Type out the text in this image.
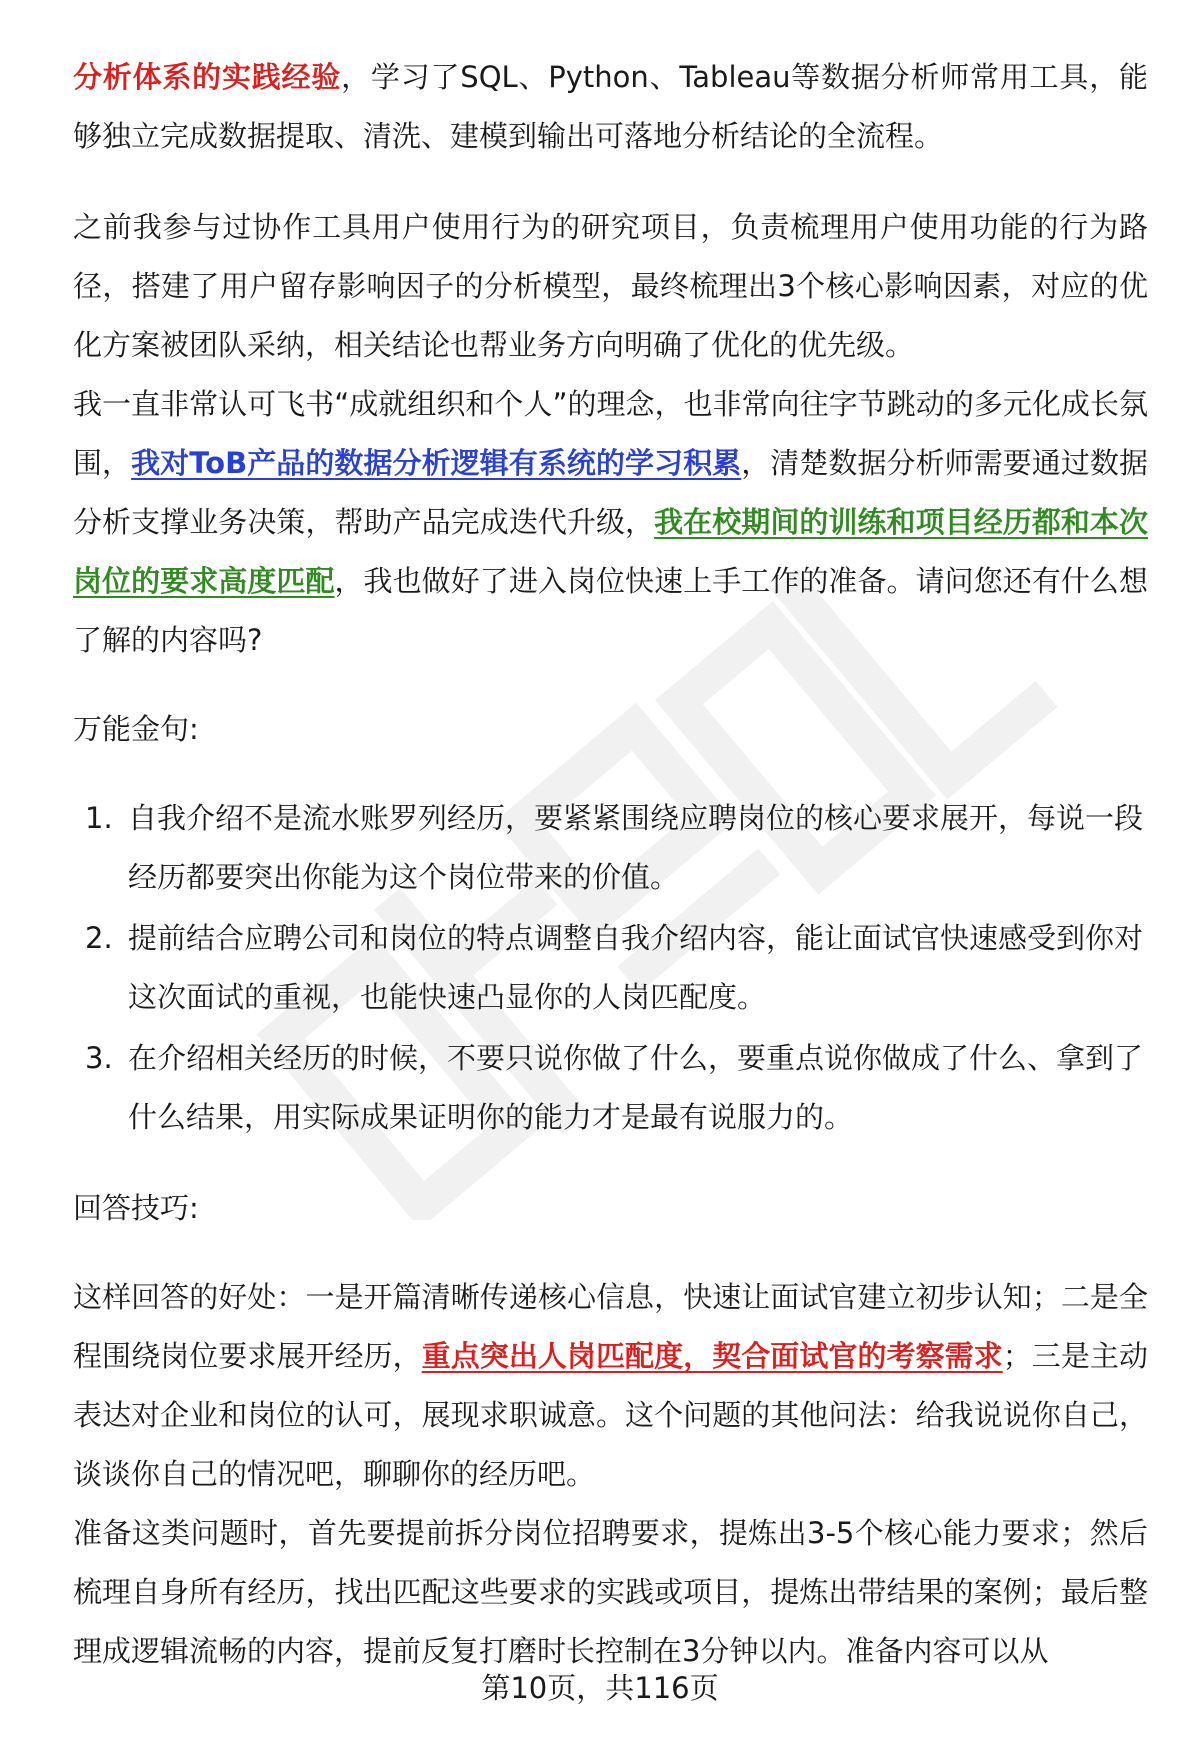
分析体系的实践经验，学习了SQL、Python、Tableau等数据分析师常用工具，能够独立完成数据提取、清洗、建模到输出可落地分析结论的全流程。

之前我参与过协作工具用户使用行为的研究项目，负责梳理用户使用功能的行为路径，搭建了用户留存影响因子的分析模型，最终梳理出3个核心影响因素，对应的优化方案被团队采纳，相关结论也帮业务方向明确了优化的优先级。

我一直非常认可飞书“成就组织和个人”的理念，也非常向往字节跳动的多元化成长氛围，我对ToB产品的数据分析逻辑有系统的学习积累，清楚数据分析师需要通过数据分析支撑业务决策，帮助产品完成迭代升级，我在校期间的训练和项目经历都和本次岗位的要求高度匹配，我也做好了进入岗位快速上手工作的准备。请问您还有什么想了解的内容吗?

万能金句:

1. 自我介绍不是流水账罗列经历，要紧紧围绕应聘岗位的核心要求展开，每说一段经历都要突出你能为这个岗位带来的价值。
2. 提前结合应聘公司和岗位的特点调整自我介绍内容，能让面试官快速感受到你对这次面试的重视，也能快速凸显你的人岗匹配度。
3. 在介绍相关经历的时候，不要只说你做了什么，要重点说你做成了什么、拿到了什么结果，用实际成果证明你的能力才是最有说服力的。

回答技巧:

这样回答的好处：一是开篇清晰传递核心信息，快速让面试官建立初步认知；二是全程围绕岗位要求展开经历，重点突出人岗匹配度，契合面试官的考察需求；三是主动表达对企业和岗位的认可，展现求职诚意。这个问题的其他问法：给我说说你自己，谈谈你自己的情况吧，聊聊你的经历吧。

准备这类问题时，首先要提前拆分岗位招聘要求，提炼出3-5个核心能力要求；然后梳理自身所有经历，找出匹配这些要求的实践或项目，提炼出带结果的案例；最后整理成逻辑流畅的内容，提前反复打磨时长控制在3分钟以内。准备内容可以从

第10页，共116页
